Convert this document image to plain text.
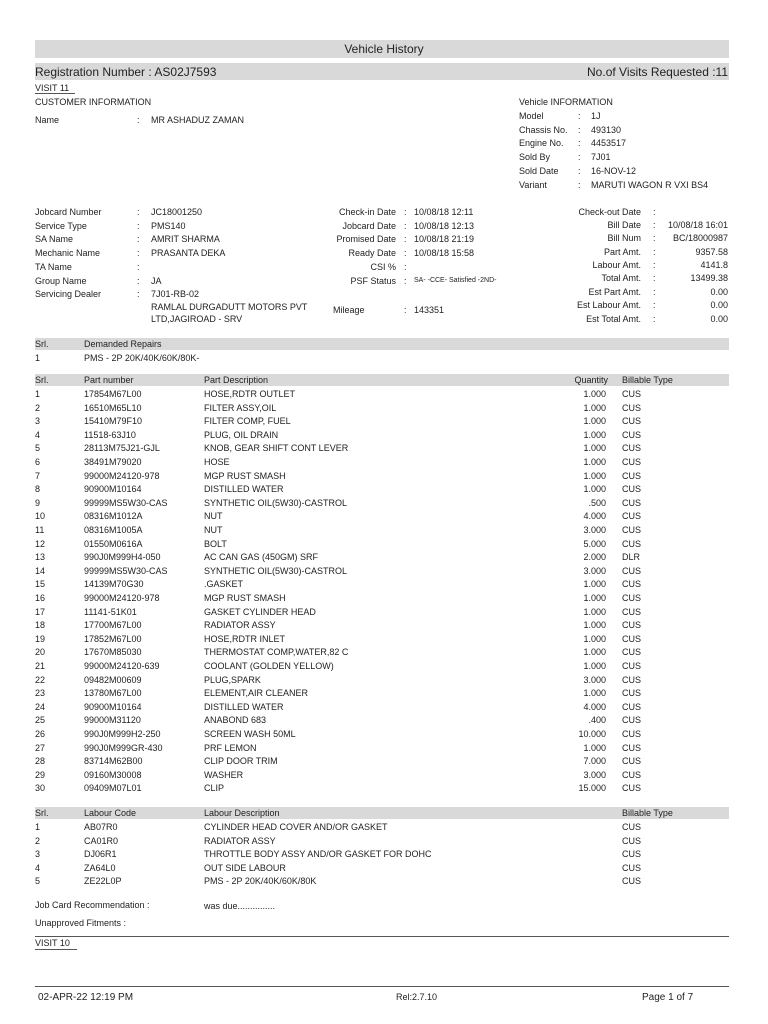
Vehicle History
Registration Number : AS02J7593	No.of Visits Requested :11
VISIT 11
CUSTOMER INFORMATION
Name	: MR ASHADUZ ZAMAN
Vehicle INFORMATION
Model	: 1J
Chassis No. : 493130
Engine No. : 4453517
Sold By	: 7J01
Sold Date : 16-NOV-12
Variant	: MARUTI WAGON R VXI BS4
Jobcard Number	: JC18001250
Service Type	: PMS140
SA Name	: AMRIT SHARMA
Mechanic Name	: PRASANTA DEKA
TA Name	:
Group Name	: JA
Servicing Dealer	: 7J01-RB-02
RAMLAL DURGADUTT MOTORS PVT
LTD,JAGIROAD - SRV
Check-in Date : 10/08/18 12:11
Jobcard Date : 10/08/18 12:13
Promised Date : 10/08/18 21:19
Ready Date : 10/08/18 15:58
CSI % :
PSF Status : SA- -CCE- Satisfied -2ND-
Mileage	: 143351
Check-out Date :
Bill Date :	10/08/18 16:01
Bill Num :	BC/18000987
Part Amt. :	9357.58
Labour Amt. :	4141.8
Total Amt. :	13499.38
Est Part Amt. :	0.00
Est Labour Amt. :	0.00
Est Total Amt. :	0.00
Srl.	Demanded Repairs
1	PMS - 2P 20K/40K/60K/80K-
Srl.	Part number	Part Description	Quantity Billable Type
1	17854M67L00	HOSE,RDTR OUTLET	1.000 CUS
2	16510M65L10	FILTER ASSY,OIL	1.000 CUS
3	15410M79F10	FILTER COMP, FUEL	1.000 CUS
4	11518-63J10	PLUG, OIL DRAIN	1.000 CUS
5	28113M75J21-GJL	KNOB, GEAR SHIFT CONT LEVER	1.000 CUS
6	38491M79020	HOSE	1.000 CUS
7	99000M24120-978	MGP RUST SMASH	1.000 CUS
8	90900M10164	DISTILLED WATER	1.000 CUS
9	99999MS5W30-CAS	SYNTHETIC OIL(5W30)-CASTROL	.500 CUS
10	08316M1012A	NUT	4.000 CUS
11	08316M1005A	NUT	3.000 CUS
12	01550M0616A	BOLT	5.000 CUS
13	990J0M999H4-050	AC CAN GAS (450GM) SRF	2.000 DLR
14	99999MS5W30-CAS	SYNTHETIC OIL(5W30)-CASTROL	3.000 CUS
15	14139M70G30	.GASKET	1.000 CUS
16	99000M24120-978	MGP RUST SMASH	1.000 CUS
17	11141-51K01	GASKET CYLINDER HEAD	1.000 CUS
18	17700M67L00	RADIATOR ASSY	1.000 CUS
19	17852M67L00	HOSE,RDTR INLET	1.000 CUS
20	17670M85030	THERMOSTAT COMP,WATER,82 C	1.000 CUS
21	99000M24120-639	COOLANT (GOLDEN YELLOW)	1.000 CUS
22	09482M00609	PLUG,SPARK	3.000 CUS
23	13780M67L00	ELEMENT,AIR CLEANER	1.000 CUS
24	90900M10164	DISTILLED WATER	4.000 CUS
25	99000M31120	ANABOND 683	.400 CUS
26	990J0M999H2-250	SCREEN WASH 50ML	10.000 CUS
27	990J0M999GR-430	PRF LEMON	1.000 CUS
28	83714M62B00	CLIP DOOR TRIM	7.000 CUS
29	09160M30008	WASHER	3.000 CUS
30	09409M07L01	CLIP	15.000 CUS
Srl.	Labour Code	Labour Description	Billable Type
1	AB07R0	CYLINDER HEAD COVER AND/OR GASKET	CUS
2	CA01R0	RADIATOR ASSY	CUS
3	DJ06R1	THROTTLE BODY ASSY AND/OR GASKET FOR DOHC	CUS
4	ZA64L0	OUT SIDE LABOUR	CUS
5	ZE22L0P	PMS - 2P 20K/40K/60K/80K	CUS
Job Card Recommendation :	was due...............
Unapproved Fitments :
VISIT 10
02-APR-22 12:19 PM	Rel:2.7.10	Page 1 of 7
